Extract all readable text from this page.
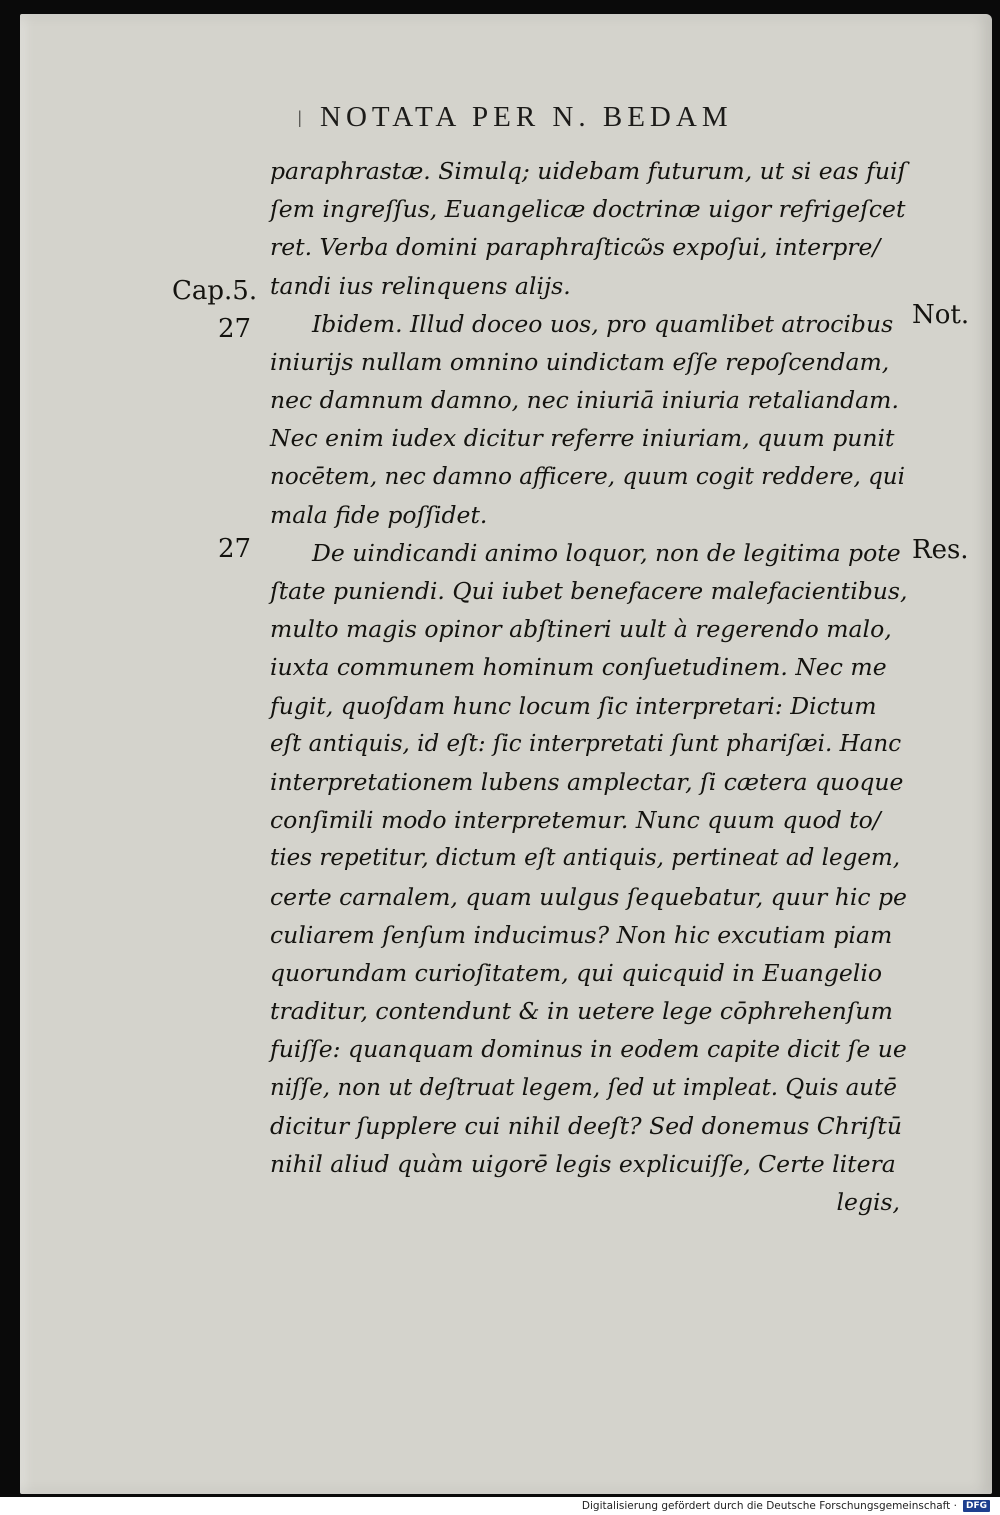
| NOTATA PER N. BEDAM
Cap.5.
27	Not.
27	Res.
paraphrastæ. Simulq; uidebam futurum, ut si eas fuiſ
ſem ingreſſus, Euangelicæ doctrinæ uigor refrigeſcet
ret. Verba domini paraphraſticῶs expoſui, interpre/
tandi ius relinquens alijs.
Ibidem. Illud doceo uos, pro quamlibet atrocibus
iniurijs nullam omnino uindictam eſſe repoſcendam,
nec damnum damno, nec iniuriā iniuria retaliandam.
Nec enim iudex dicitur referre iniuriam, quum punit
nocētem, nec damno afficere, quum cogit reddere, qui
mala fide poſſidet.
De uindicandi animo loquor, non de legitima pote
ſtate puniendi. Qui iubet benefacere malefacientibus,
multo magis opinor abſtineri uult à regerendo malo,
iuxta communem hominum conſuetudinem. Nec me
fugit, quoſdam hunc locum ſic interpretari: Dictum
eſt antiquis, id eſt: ſic interpretati ſunt phariſæi. Hanc
interpretationem lubens amplectar, ſi cætera quoque
conſimili modo interpretemur. Nunc quum quod to/
ties repetitur, dictum eſt antiquis, pertineat ad legem,
certe carnalem, quam uulgus ſequebatur, quur hic pe
culiarem ſenſum inducimus? Non hic excutiam piam
quorundam curioſitatem, qui quicquid in Euangelio
traditur, contendunt & in uetere lege cōphrehenſum
fuiſſe: quanquam dominus in eodem capite dicit ſe ue
niſſe, non ut deſtruat legem, ſed ut impleat. Quis autē
dicitur ſupplere cui nihil deeſt? Sed donemus Chriſtū
nihil aliud quàm uigorē legis explicuiſſe, Certe litera
legis,
Digitalisierung gefördert durch die Deutsche Forschungsgemeinschaft ·	DFG
